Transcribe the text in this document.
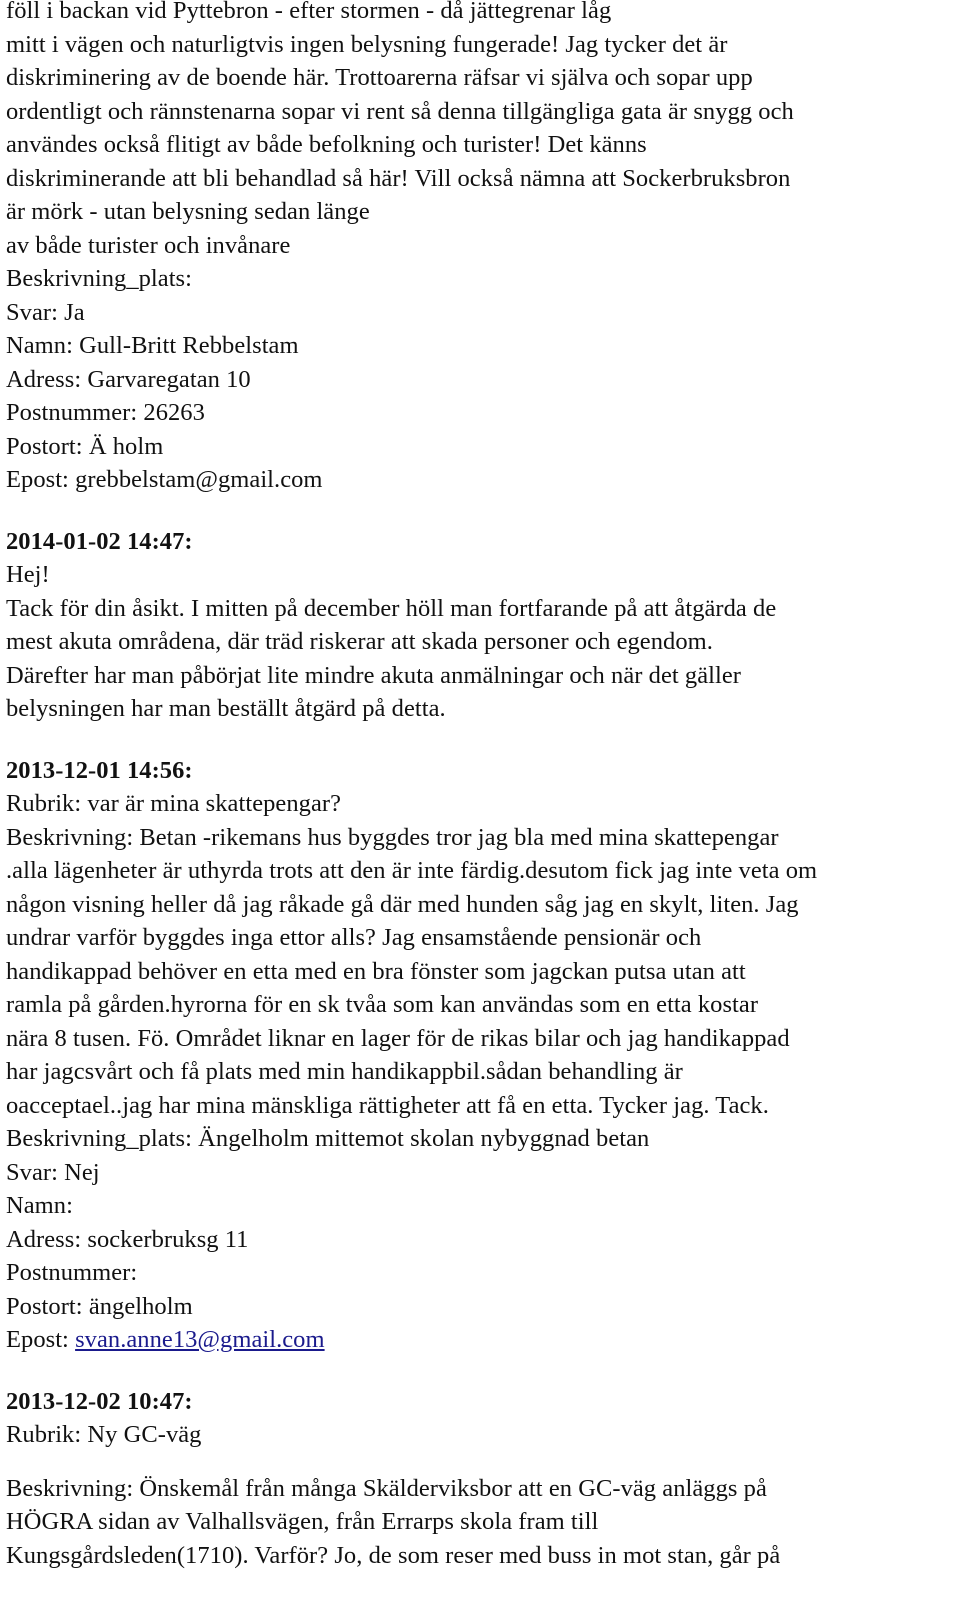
föll i backan vid Pyttebron - efter stormen - då jättegrenar låg
mitt i vägen och naturligtvis ingen belysning fungerade! Jag tycker det är
diskriminering av de boende här. Trottoarerna räfsar vi själva och sopar upp
ordentligt och rännstenarna sopar vi rent så denna tillgängliga gata är snygg och
användes också flitigt av både befolkning och turister! Det känns
diskriminerande att bli behandlad så här! Vill också nämna att Sockerbruksbron
är mörk - utan belysning sedan länge
av både turister och invånare
Beskrivning_plats:
Svar: Ja
Namn: Gull-Britt Rebbelstam
Adress: Garvaregatan 10
Postnummer: 26263
Postort: Ä holm
Epost: grebbelstam@gmail.com
2014-01-02 14:47:
Hej!
Tack för din åsikt. I mitten på december höll man fortfarande på att åtgärda de
mest akuta områdena, där träd riskerar att skada personer och egendom.
Därefter har man påbörjat lite mindre akuta anmälningar och när det gäller
belysningen har man beställt åtgärd på detta.
2013-12-01 14:56:
Rubrik: var är mina skattepengar?
Beskrivning: Betan -rikemans hus byggdes tror jag bla med mina skattepengar
.alla lägenheter är uthyrda trots att den är inte färdig.desutom fick jag inte veta om
någon visning heller då jag råkade gå där med hunden såg jag en skylt, liten. Jag
undrar varför byggdes inga ettor alls? Jag ensamstående pensionär och
handikappad behöver en etta med en bra fönster som jagckan putsa utan att
ramla på gården.hyrorna för en sk tvåa som kan användas som en etta kostar
nära 8 tusen. Fö. Området liknar en lager för de rikas bilar och jag handikappad
har jagcsvårt och få plats med min handikappbil.sådan behandling är
oacceptael..jag har mina mänskliga rättigheter att få en etta. Tycker jag. Tack.
Beskrivning_plats: Ängelholm mittemot skolan nybyggnad betan
Svar: Nej
Namn:
Adress: sockerbruksg 11
Postnummer:
Postort: ängelholm
Epost: svan.anne13@gmail.com
2013-12-02 10:47:
Rubrik: Ny GC-väg
Beskrivning: Önskemål från många Skälderviksbor att en GC-väg anläggs på
HÖGRA sidan av Valhallsvägen, från Errarps skola fram till
Kungsgårdsleden(1710). Varför? Jo, de som reser med buss in mot stan, går på
